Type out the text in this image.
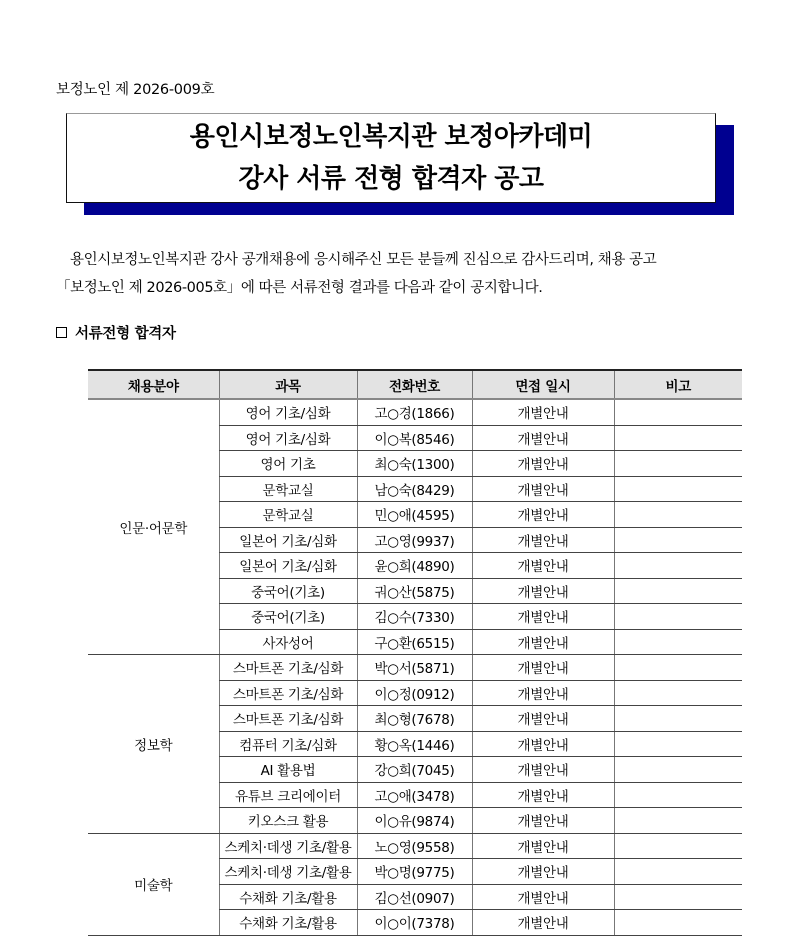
보정노인 제 2026-009호
용인시보정노인복지관 보정아카데미
강사 서류 전형 합격자 공고

용인시보정노인복지관 강사 공개채용에 응시해주신 모든 분들께 진심으로 감사드리며, 채용 공고

「보정노인 제 2026-005호」에 따른 서류전형 결과를 다음과 같이 공지합니다.

서류전형 합격자
채용분야	과목	전화번호	면접 일시	비고
인문·어문학	영어 기초/심화	고○경(1866)	개별안내	
	영어 기초/심화	이○복(8546)	개별안내	
	영어 기초	최○숙(1300)	개별안내	
	문학교실	남○숙(8429)	개별안내	
	문학교실	민○애(4595)	개별안내	
	일본어 기초/심화	고○영(9937)	개별안내	
	일본어 기초/심화	윤○희(4890)	개별안내	
	중국어(기초)	궈○산(5875)	개별안내	
	중국어(기초)	김○수(7330)	개별안내	
	사자성어	구○환(6515)	개별안내	
정보학	스마트폰 기초/심화	박○서(5871)	개별안내	
	스마트폰 기초/심화	이○정(0912)	개별안내	
	스마트폰 기초/심화	최○형(7678)	개별안내	
	컴퓨터 기초/심화	황○옥(1446)	개별안내	
	AI 활용법	강○희(7045)	개별안내	
	유튜브 크리에이터	고○애(3478)	개별안내	
	키오스크 활용	이○유(9874)	개별안내	
미술학	스케치·데생 기초/활용	노○영(9558)	개별안내	
	스케치·데생 기초/활용	박○명(9775)	개별안내	
	수채화 기초/활용	김○선(0907)	개별안내	
	수채화 기초/활용	이○이(7378)	개별안내	
